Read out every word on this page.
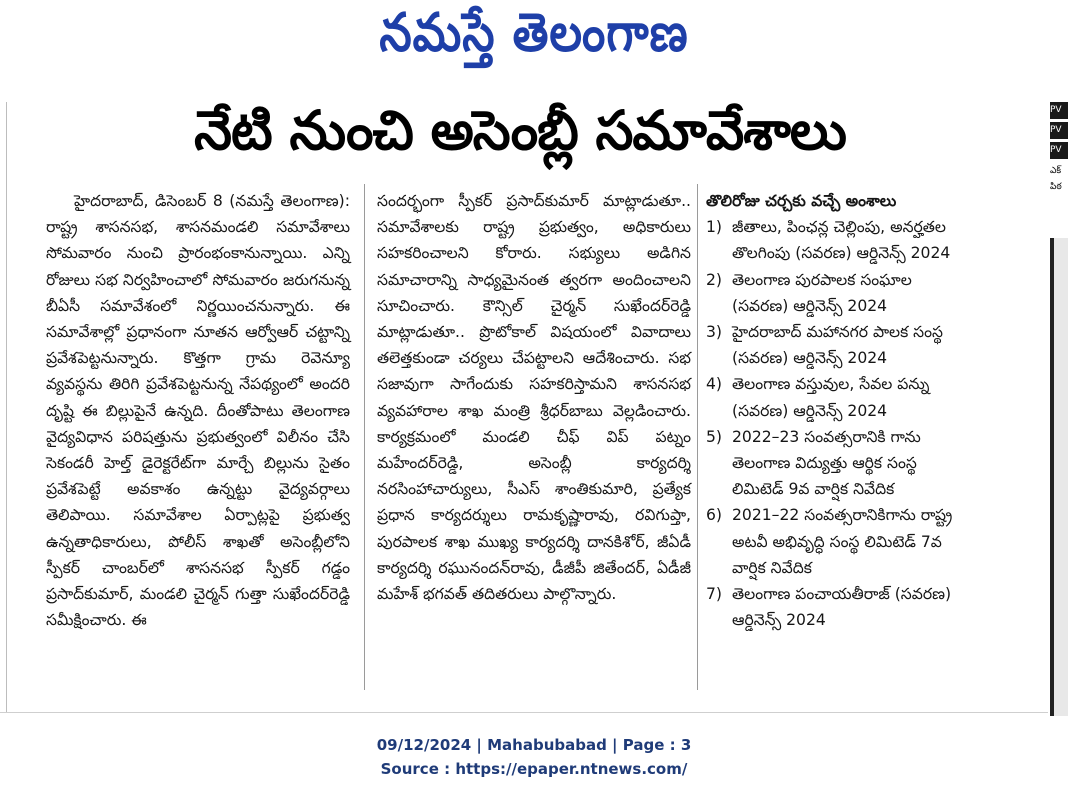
నమస్తే తెలంగాణ
నేటి నుంచి అసెంబ్లీ సమావేశాలు
హైదరాబాద్, డిసెంబర్ 8 (నమస్తే తెలంగాణ): రాష్ట్ర శాసనసభ, శాసనమండలి సమావేశాలు సోమవారం నుంచి ప్రారంభంకానున్నాయి. ఎన్ని రోజులు సభ నిర్వహించాలో సోమవారం జరుగనున్న బీఏసీ సమావేశంలో నిర్ణయించనున్నారు. ఈ సమావేశాల్లో ప్రధానంగా నూతన ఆర్వోఆర్ చట్టాన్ని ప్రవేశపెట్టనున్నారు. కొత్తగా గ్రామ రెవెన్యూ వ్యవస్థను తిరిగి ప్రవేశపెట్టనున్న నేపథ్యంలో అందరి దృష్టి ఈ బిల్లుపైనే ఉన్నది. దీంతోపాటు తెలంగాణ వైద్యవిధాన పరిషత్తును ప్రభుత్వంలో విలీనం చేసి సెకండరీ హెల్త్ డైరెక్టరేట్‌గా మార్చే బిల్లును సైతం ప్రవేశపెట్టే అవకాశం ఉన్నట్టు వైద్యవర్గాలు తెలిపాయి. సమావేశాల ఏర్పాట్లపై ప్రభుత్వ ఉన్నతాధికారులు, పోలీస్ శాఖతో అసెంబ్లీలోని స్పీకర్ చాంబర్‌లో శాసనసభ స్పీకర్ గడ్డం ప్రసాద్‌కుమార్, మండలి చైర్మన్ గుత్తా సుఖేందర్‌రెడ్డి సమీక్షించారు. ఈ
సందర్భంగా స్పీకర్ ప్రసాద్‌కుమార్ మాట్లాడుతూ.. సమావేశాలకు రాష్ట్ర ప్రభుత్వం, అధికారులు సహకరించాలని కోరారు. సభ్యులు అడిగిన సమాచారాన్ని సాధ్యమైనంత త్వరగా అందించాలని సూచించారు. కౌన్సిల్ చైర్మన్ సుఖేందర్‌రెడ్డి మాట్లాడుతూ.. ప్రొటోకాల్ విషయంలో వివాదాలు తలెత్తకుండా చర్యలు చేపట్టాలని ఆదేశించారు. సభ సజావుగా సాగేందుకు సహకరిస్తామని శాసనసభ వ్యవహారాల శాఖ మంత్రి శ్రీధర్‌బాబు వెల్లడించారు. కార్యక్రమంలో మండలి చీఫ్ విప్ పట్నం మహేందర్‌రెడ్డి, అసెంబ్లీ కార్యదర్శి నరసింహాచార్యులు, సీఎస్ శాంతికుమారి, ప్రత్యేక ప్రధాన కార్యదర్శులు రామకృష్ణారావు, రవిగుప్తా, పురపాలక శాఖ ముఖ్య కార్యదర్శి దానకిశోర్, జీఏడీ కార్యదర్శి రఘునందన్‌రావు, డీజీపీ జితేందర్, ఏడీజీ మహేశ్ భగవత్ తదితరులు పాల్గొన్నారు.

తొలిరోజు చర్చకు వచ్చే అంశాలు

1) జీతాలు, పింఛన్ల చెల్లింపు, అనర్హతల తొలగింపు (సవరణ) ఆర్డినెన్స్ 2024
2) తెలంగాణ పురపాలక సంఘాల (సవరణ) ఆర్డినెన్స్ 2024
3) హైదరాబాద్ మహానగర పాలక సంస్థ (సవరణ) ఆర్డినెన్స్ 2024
4) తెలంగాణ వస్తువుల, సేవల పన్ను (సవరణ) ఆర్డినెన్స్ 2024
5) 2022–23 సంవత్సరానికి గాను తెలంగాణ విద్యుత్తు ఆర్థిక సంస్థ లిమిటెడ్ 9వ వార్షిక నివేదిక
6) 2021–22 సంవత్సరానికిగాను రాష్ట్ర అటవీ అభివృద్ధి సంస్థ లిమిటెడ్ 7వ వార్షిక నివేదిక
7) తెలంగాణ పంచాయతీరాజ్ (సవరణ) ఆర్డినెన్స్ 2024
PV
PV
PV
ఎక్
పిఠ
09/12/2024 | Mahabubabad | Page : 3
Source : https://epaper.ntnews.com/
